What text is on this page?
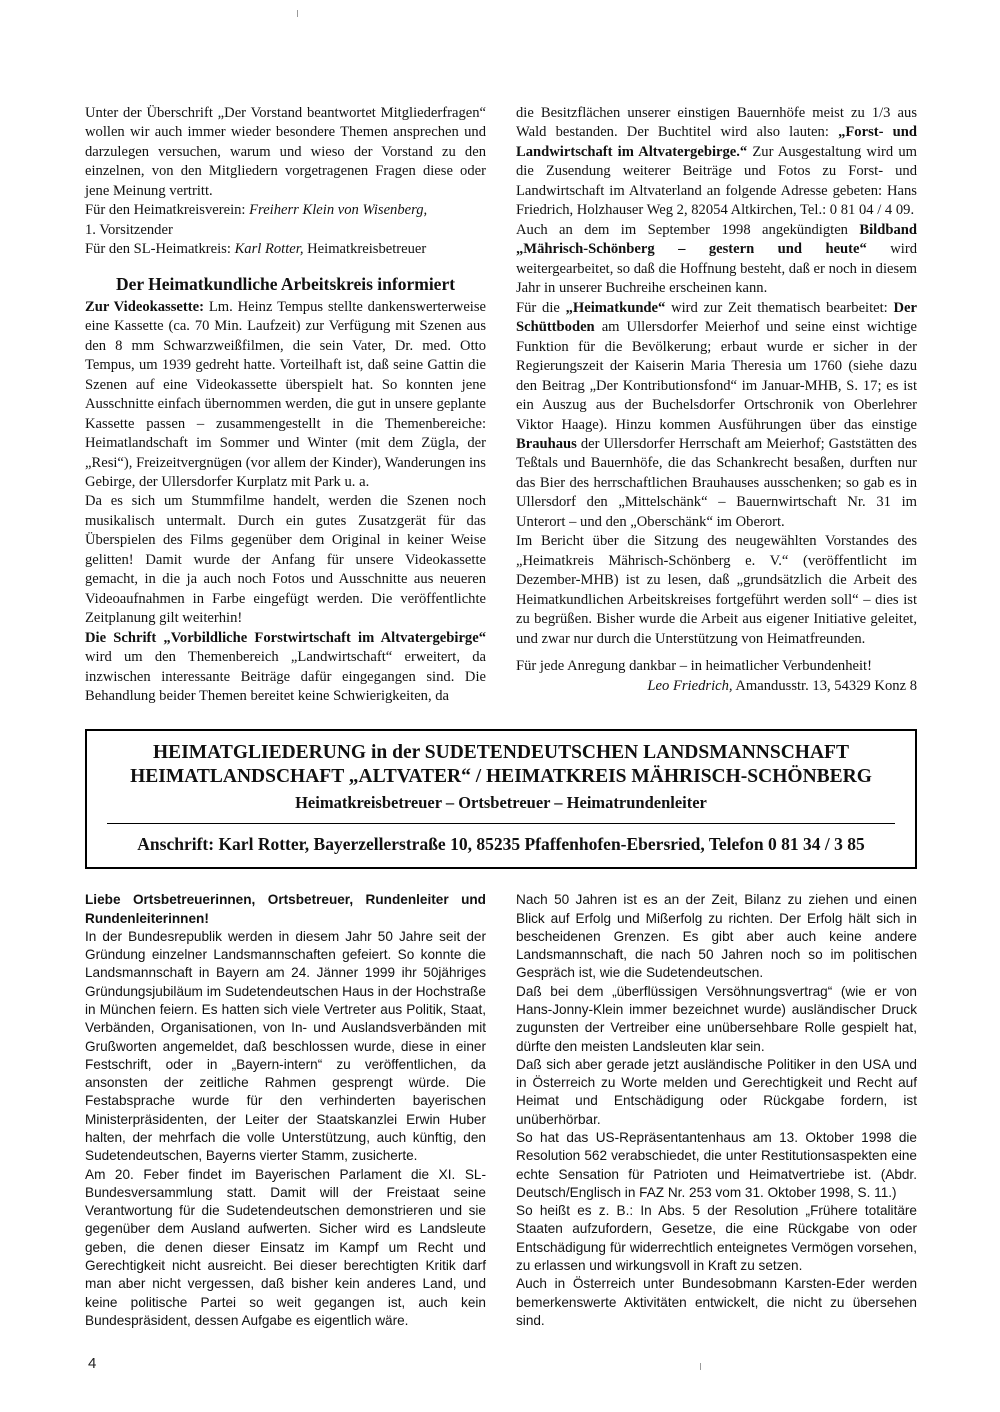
Unter der Überschrift „Der Vorstand beantwortet Mitgliederfragen“ wollen wir auch immer wieder besondere Themen ansprechen und darzulegen versuchen, warum und wieso der Vorstand zu den einzelnen, von den Mitgliedern vorgetragenen Fragen diese oder jene Meinung vertritt.

Für den Heimatkreisverein: Freiherr Klein von Wisenberg,

1. Vorsitzender

Für den SL-Heimatkreis: Karl Rotter, Heimatkreisbetreuer

Der Heimatkundliche Arbeitskreis informiert

Zur Videokassette: Lm. Heinz Tempus stellte dankenswerterweise eine Kassette (ca. 70 Min. Laufzeit) zur Verfügung mit Szenen aus den 8 mm Schwarzweißfilmen, die sein Vater, Dr. med. Otto Tempus, um 1939 gedreht hatte. Vorteilhaft ist, daß seine Gattin die Szenen auf eine Videokassette überspielt hat. So konnten jene Ausschnitte einfach übernommen werden, die gut in unsere geplante Kassette passen – zusammengestellt in die Themenbereiche: Heimatlandschaft im Sommer und Winter (mit dem Zügla, der „Resi“), Freizeitvergnügen (vor allem der Kinder), Wanderungen ins Gebirge, der Ullersdorfer Kurplatz mit Park u. a.

Da es sich um Stummfilme handelt, werden die Szenen noch musikalisch untermalt. Durch ein gutes Zusatzgerät für das Überspielen des Films gegenüber dem Original in keiner Weise gelitten! Damit wurde der Anfang für unsere Videokassette gemacht, in die ja auch noch Fotos und Ausschnitte aus neueren Videoaufnahmen in Farbe eingefügt werden. Die veröffentlichte Zeitplanung gilt weiterhin!

Die Schrift „Vorbildliche Forstwirtschaft im Altvatergebirge“ wird um den Themenbereich „Landwirtschaft“ erweitert, da inzwischen interessante Beiträge dafür eingegangen sind. Die Behandlung beider Themen bereitet keine Schwierigkeiten, da

die Besitzflächen unserer einstigen Bauernhöfe meist zu 1/3 aus Wald bestanden. Der Buchtitel wird also lauten: „Forst- und Landwirtschaft im Altvatergebirge.“ Zur Ausgestaltung wird um die Zusendung weiterer Beiträge und Fotos zu Forst- und Landwirtschaft im Altvaterland an folgende Adresse gebeten: Hans Friedrich, Holzhauser Weg 2, 82054 Altkirchen, Tel.: 0 81 04 / 4 09.

Auch an dem im September 1998 angekündigten Bildband „Mährisch-Schönberg – gestern und heute“ wird weitergearbeitet, so daß die Hoffnung besteht, daß er noch in diesem Jahr in unserer Buchreihe erscheinen kann.

Für die „Heimatkunde“ wird zur Zeit thematisch bearbeitet: Der Schüttboden am Ullersdorfer Meierhof und seine einst wichtige Funktion für die Bevölkerung; erbaut wurde er sicher in der Regierungszeit der Kaiserin Maria Theresia um 1760 (siehe dazu den Beitrag „Der Kontributionsfond“ im Januar-MHB, S. 17; es ist ein Auszug aus der Buchelsdorfer Ortschronik von Oberlehrer Viktor Haage). Hinzu kommen Ausführungen über das einstige Brauhaus der Ullersdorfer Herrschaft am Meierhof; Gaststätten des Teßtals und Bauernhöfe, die das Schankrecht besaßen, durften nur das Bier des herrschaftlichen Brauhauses ausschenken; so gab es in Ullersdorf den „Mittelschänk“ – Bauernwirtschaft Nr. 31 im Unterort – und den „Oberschänk“ im Oberort.

Im Bericht über die Sitzung des neugewählten Vorstandes des „Heimatkreis Mährisch-Schönberg e. V.“ (veröffentlicht im Dezember-MHB) ist zu lesen, daß „grundsätzlich die Arbeit des Heimatkundlichen Arbeitskreises fortgeführt werden soll“ – dies ist zu begrüßen. Bisher wurde die Arbeit aus eigener Initiative geleitet, und zwar nur durch die Unterstützung von Heimatfreunden.

Für jede Anregung dankbar – in heimatlicher Verbundenheit!

Leo Friedrich, Amandusstr. 13, 54329 Konz 8

HEIMATGLIEDERUNG in der SUDETENDEUTSCHEN LANDSMANNSCHAFT
HEIMATLANDSCHAFT „ALTVATER“ / HEIMATKREIS MÄHRISCH-SCHÖNBERG
Heimatkreisbetreuer – Ortsbetreuer – Heimatrundenleiter
Anschrift: Karl Rotter, Bayerzellerstraße 10, 85235 Pfaffenhofen-Ebersried, Telefon 0 81 34 / 3 85

Liebe Ortsbetreuerinnen, Ortsbetreuer, Rundenleiter und Rundenleiterinnen!

In der Bundesrepublik werden in diesem Jahr 50 Jahre seit der Gründung einzelner Landsmannschaften gefeiert. So konnte die Landsmannschaft in Bayern am 24. Jänner 1999 ihr 50jähriges Gründungsjubiläum im Sudetendeutschen Haus in der Hochstraße in München feiern. Es hatten sich viele Vertreter aus Politik, Staat, Verbänden, Organisationen, von In- und Auslandsverbänden mit Grußworten angemeldet, daß beschlossen wurde, diese in einer Festschrift, oder in „Bayern-intern“ zu veröffentlichen, da ansonsten der zeitliche Rahmen gesprengt würde. Die Festabsprache wurde für den verhinderten bayerischen Ministerpräsidenten, der Leiter der Staatskanzlei Erwin Huber halten, der mehrfach die volle Unterstützung, auch künftig, den Sudetendeutschen, Bayerns vierter Stamm, zusicherte.

Am 20. Feber findet im Bayerischen Parlament die XI. SL-Bundesversammlung statt. Damit will der Freistaat seine Verantwortung für die Sudetendeutschen demonstrieren und sie gegenüber dem Ausland aufwerten. Sicher wird es Landsleute geben, die denen dieser Einsatz im Kampf um Recht und Gerechtigkeit nicht ausreicht. Bei dieser berechtigten Kritik darf man aber nicht vergessen, daß bisher kein anderes Land, und keine politische Partei so weit gegangen ist, auch kein Bundespräsident, dessen Aufgabe es eigentlich wäre.

Nach 50 Jahren ist es an der Zeit, Bilanz zu ziehen und einen Blick auf Erfolg und Mißerfolg zu richten. Der Erfolg hält sich in bescheidenen Grenzen. Es gibt aber auch keine andere Landsmannschaft, die nach 50 Jahren noch so im politischen Gespräch ist, wie die Sudetendeutschen.

Daß bei dem „überflüssigen Versöhnungsvertrag“ (wie er von Hans-Jonny-Klein immer bezeichnet wurde) ausländischer Druck zugunsten der Vertreiber eine unübersehbare Rolle gespielt hat, dürfte den meisten Landsleuten klar sein.

Daß sich aber gerade jetzt ausländische Politiker in den USA und in Österreich zu Worte melden und Gerechtigkeit und Recht auf Heimat und Entschädigung oder Rückgabe fordern, ist unüberhörbar.

So hat das US-Repräsentantenhaus am 13. Oktober 1998 die Resolution 562 verabschiedet, die unter Restitutionsaspekten eine echte Sensation für Patrioten und Heimatvertriebe ist. (Abdr. Deutsch/Englisch in FAZ Nr. 253 vom 31. Oktober 1998, S. 11.)

So heißt es z. B.: In Abs. 5 der Resolution „Frühere totalitäre Staaten aufzufordern, Gesetze, die eine Rückgabe von oder Entschädigung für widerrechtlich enteignetes Vermögen vorsehen, zu erlassen und wirkungsvoll in Kraft zu setzen.

Auch in Österreich unter Bundesobmann Karsten-Eder werden bemerkenswerte Aktivitäten entwickelt, die nicht zu übersehen sind.

4
